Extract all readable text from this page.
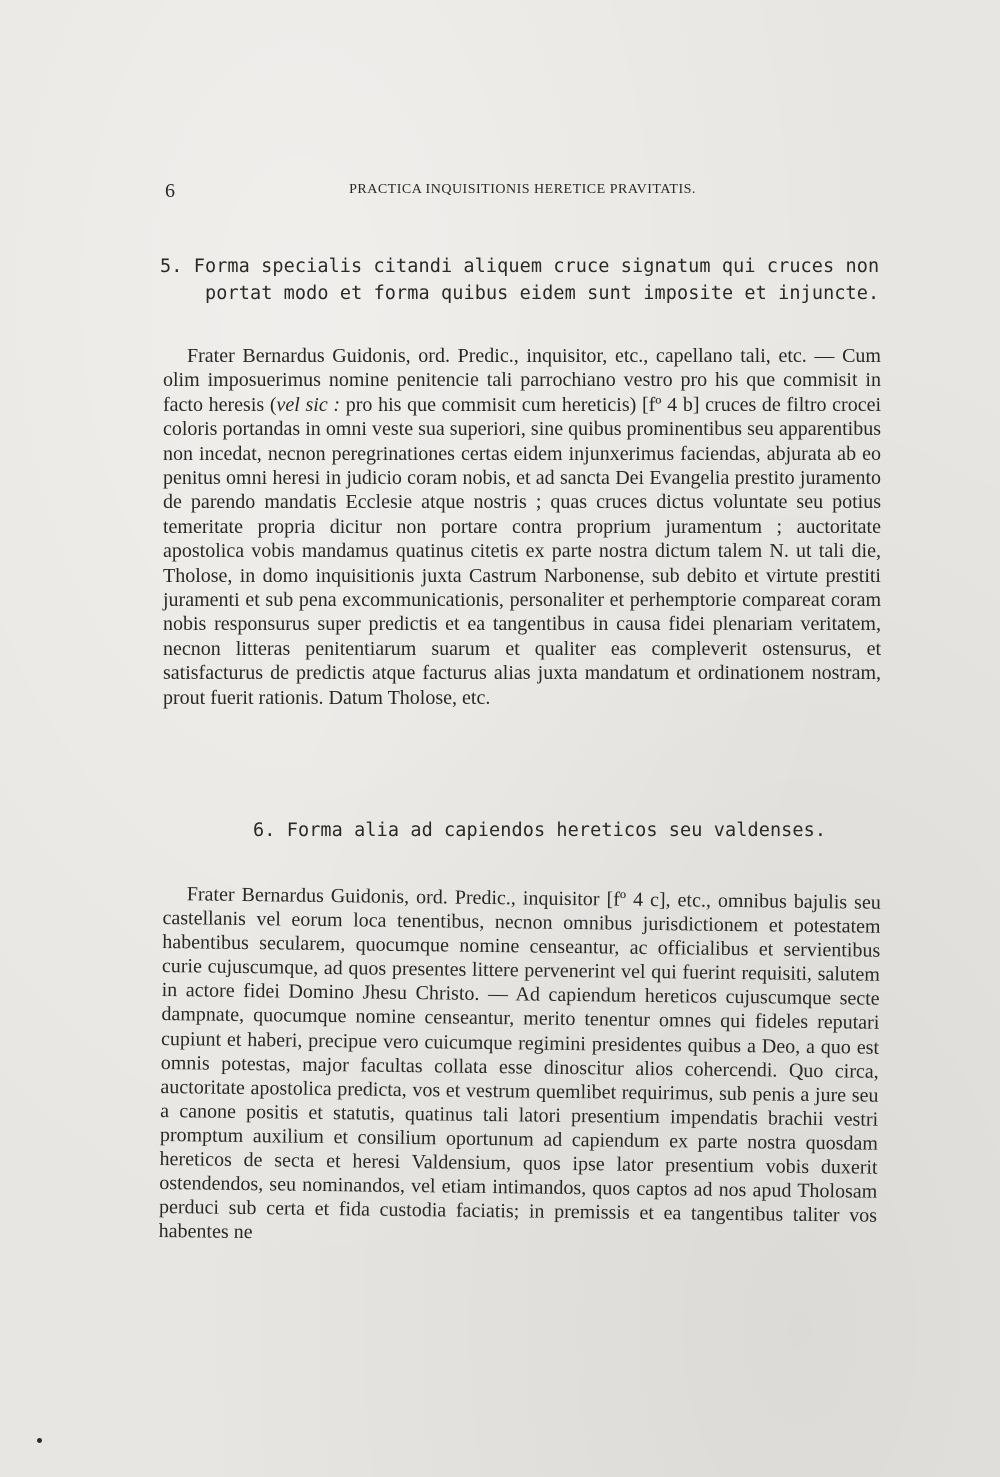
6	PRACTICA INQUISITIONIS HERETICE PRAVITATIS.
5. Forma specialis citandi aliquem cruce signatum qui cruces non
portat modo et forma quibus eidem sunt imposite et injuncte.

Frater Bernardus Guidonis, ord. Predic., inquisitor, etc., capellano tali, etc. — Cum olim imposuerimus nomine penitencie tali parrochiano vestro pro his que commisit in facto heresis (vel sic : pro his que commisit cum hereticis) [fº 4 b] cruces de filtro crocei coloris portandas in omni veste sua superiori, sine quibus prominentibus seu apparentibus non incedat, necnon peregrinationes certas eidem injunxerimus faciendas, abjurata ab eo penitus omni heresi in judicio coram nobis, et ad sancta Dei Evangelia prestito juramento de parendo mandatis Ecclesie atque nostris ; quas cruces dictus voluntate seu potius temeritate propria dicitur non portare contra proprium juramentum ; auctoritate apostolica vobis mandamus quatinus citetis ex parte nostra dictum talem N. ut tali die, Tholose, in domo inquisitionis juxta Castrum Narbonense, sub debito et virtute prestiti juramenti et sub pena excommunicationis, personaliter et perhemptorie compareat coram nobis responsurus super predictis et ea tangentibus in causa fidei plenariam veritatem, necnon litteras penitentiarum suarum et qualiter eas compleverit ostensurus, et satisfacturus de predictis atque facturus alias juxta mandatum et ordinationem nostram, prout fuerit rationis. Datum Tholose, etc.

6. Forma alia ad capiendos hereticos seu valdenses.

Frater Bernardus Guidonis, ord. Predic., inquisitor [fº 4 c], etc., omnibus bajulis seu castellanis vel eorum loca tenentibus, necnon omnibus jurisdictionem et potestatem habentibus secularem, quocumque nomine censeantur, ac officialibus et servientibus curie cujuscumque, ad quos presentes littere pervenerint vel qui fuerint requisiti, salutem in actore fidei Domino Jhesu Christo. — Ad capiendum hereticos cujuscumque secte dampnate, quocumque nomine censeantur, merito tenentur omnes qui fideles reputari cupiunt et haberi, precipue vero cuicumque regimini presidentes quibus a Deo, a quo est omnis potestas, major facultas collata esse dinoscitur alios cohercendi. Quo circa, auctoritate apostolica predicta, vos et vestrum quemlibet requirimus, sub penis a jure seu a canone positis et statutis, quatinus tali latori presentium impendatis brachii vestri promptum auxilium et consilium oportunum ad capiendum ex parte nostra quosdam hereticos de secta et heresi Valdensium, quos ipse lator presentium vobis duxerit ostendendos, seu nominandos, vel etiam intimandos, quos captos ad nos apud Tholosam perduci sub certa et fida custodia faciatis; in premissis et ea tangentibus taliter vos habentes ne
